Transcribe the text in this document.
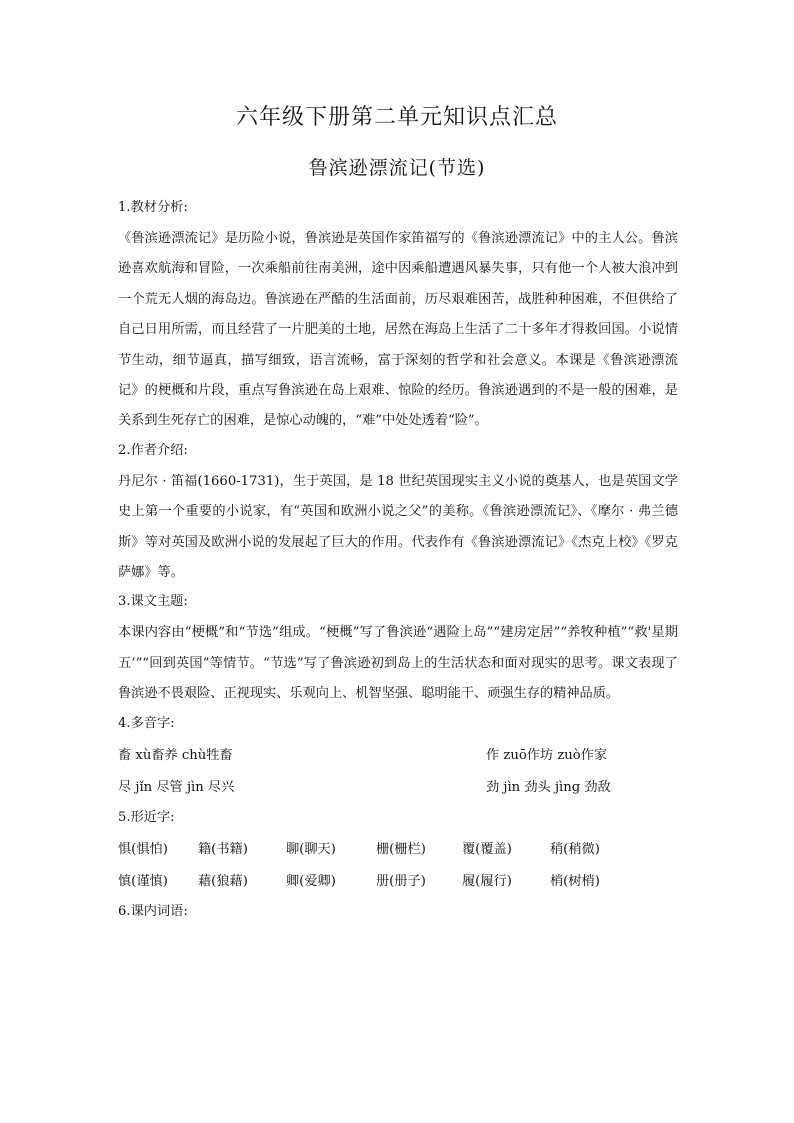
六年级下册第二单元知识点汇总
鲁滨逊漂流记(节选)
1.教材分析:

《鲁滨逊漂流记》是历险小说，鲁滨逊是英国作家笛福写的《鲁滨逊漂流记》中的主人公。鲁滨逊喜欢航海和冒险，一次乘船前往南美洲，途中因乘船遭遇风暴失事，只有他一个人被大浪冲到一个荒无人烟的海岛边。鲁滨逊在严酷的生活面前，历尽艰难困苦，战胜种种困难，不但供给了自己日用所需，而且经营了一片肥美的土地，居然在海岛上生活了二十多年才得救回国。小说情节生动，细节逼真，描写细致，语言流畅，富于深刻的哲学和社会意义。本课是《鲁滨逊漂流记》的梗概和片段，重点写鲁滨逊在岛上艰难、惊险的经历。鲁滨逊遇到的不是一般的困难，是关系到生死存亡的困难，是惊心动魄的，“难”中处处透着“险”。

2.作者介绍:

丹尼尔 · 笛福(1660-1731)，生于英国，是 18 世纪英国现实主义小说的奠基人，也是英国文学史上第一个重要的小说家，有“英国和欧洲小说之父”的美称。《鲁滨逊漂流记》、《摩尔 · 弗兰德斯》等对英国及欧洲小说的发展起了巨大的作用。代表作有《鲁滨逊漂流记》《杰克上校》《罗克萨娜》等。

3.课文主题:

本课内容由“梗概”和“节选”组成。“梗概”写了鲁滨逊“遇险上岛”“建房定居”“养牧种植”“救'星期五’”“回到英国”等情节。“节选”写了鲁滨逊初到岛上的生活状态和面对现实的思考。课文表现了鲁滨逊不畏艰险、正视现实、乐观向上、机智坚强、聪明能干、顽强生存的精神品质。

4.多音字:
畜 xù畜养 chù牲畜	作 zuō作坊 zuò作家
尽 jǐn 尽管 jìn 尽兴	劲 jìn 劲头 jìng 劲敌
5.形近字:
惧(惧怕)	籍(书籍)	聊(聊天)	栅(栅栏)	覆(覆盖)	稍(稍微)
慎(谨慎)	藉(狼藉)	卿(爱卿)	册(册子)	履(履行)	梢(树梢)
6.课内词语:
